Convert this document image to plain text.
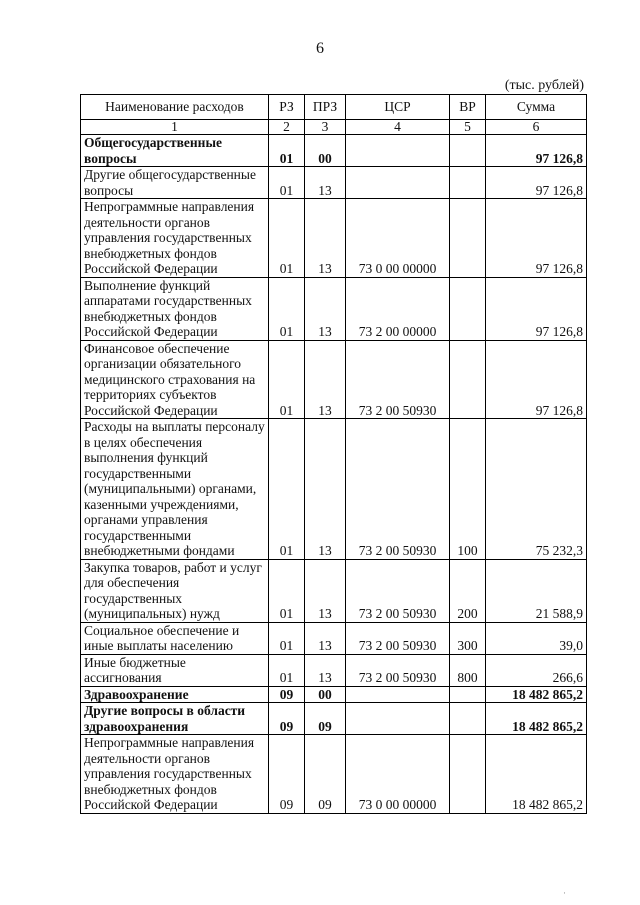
6
(тыс. рублей)
Наименование расходов	РЗ	ПРЗ	ЦСР	ВР	Сумма
1	2	3	4	5	6
Общегосударственные вопросы	01	00			97 126,8
Другие общегосударственные вопросы	01	13			97 126,8
Непрограммные направления деятельности органов управления государственных внебюджетных фондов Российской Федерации	01	13	73 0 00 00000		97 126,8
Выполнение функций аппаратами государственных внебюджетных фондов Российской Федерации	01	13	73 2 00 00000		97 126,8
Финансовое обеспечение организации обязательного медицинского страхования на территориях субъектов Российской Федерации	01	13	73 2 00 50930		97 126,8
Расходы на выплаты персоналу в целях обеспечения выполнения функций государственными (муниципальными) органами, казенными учреждениями, органами управления государственными внебюджетными фондами	01	13	73 2 00 50930	100	75 232,3
Закупка товаров, работ и услуг для обеспечения государственных (муниципальных) нужд	01	13	73 2 00 50930	200	21 588,9
Социальное обеспечение и иные выплаты населению	01	13	73 2 00 50930	300	39,0
Иные бюджетные ассигнования	01	13	73 2 00 50930	800	266,6
Здравоохранение	09	00			18 482 865,2
Другие вопросы в области здравоохранения	09	09			18 482 865,2
Непрограммные направления деятельности органов управления государственных внебюджетных фондов Российской Федерации	09	09	73 0 00 00000		18 482 865,2
·
